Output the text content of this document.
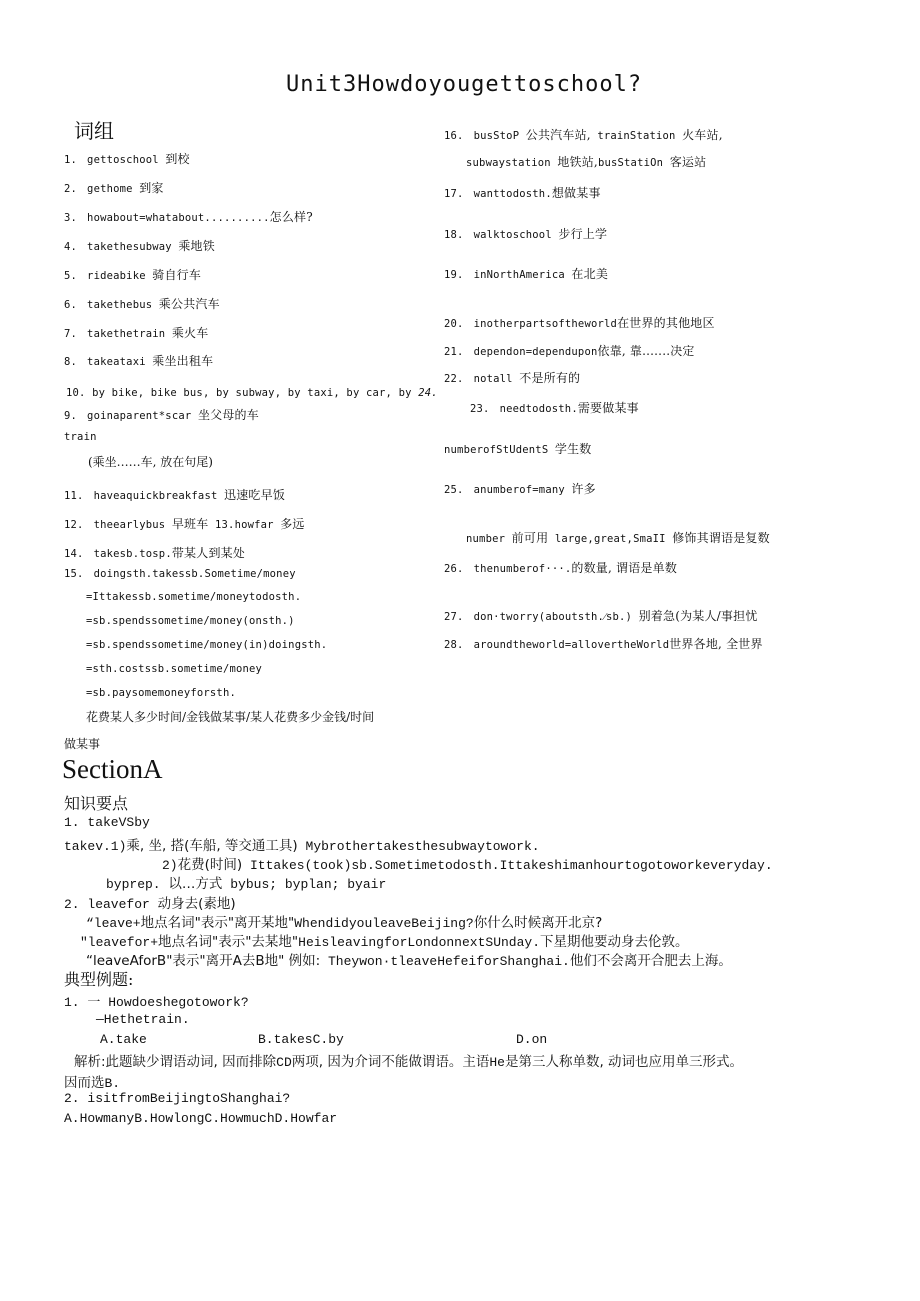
Unit3Howdoyougettoschool?
词组
1. gettoschool 到校
2. gethome 到家
3. howabout=whatabout..........怎么样?
4. takethesubway 乘地铁
5. rideabike 骑自行车
6. takethebus 乘公共汽车
7. takethetrain 乘火车
8. takeataxi 乘坐出租车
10. by bike, bike bus, by subway, by taxi, by car, by 24.
9. goinaparent*scar 坐父母的车
train
(乘坐……车, 放在句尾)
11. haveaquickbreakfast 迅速吃早饭
12. theearlybus 早班车 13.howfar 多远
14. takesb.tosp.带某人到某处
15. doingsth.takessb.Sometime/money
=Ittakessb.sometime/moneytodosth.
=sb.spendssometime/money(onsth.)
=sb.spendssometime/money(in)doingsth.
=sth.costssb.sometime/money
=sb.paysomemoneyforsth.
花费某人多少时间/金钱做某事/某人花费多少金钱/时间
做某事
16. busStoP 公共汽车站, trainStation 火车站,
subwaystation 地铁站,busStatiOn 客运站
17. wanttodosth.想做某事
18. walktoschool 步行上学
19. inNorthAmerica 在北美
20. inotherpartsoftheworld在世界的其他地区
21. dependon=dependupon依靠, 靠.......决定
22. notall 不是所有的
23. needtodosth.需要做某事
numberofStUdentS 学生数
25. anumberof=many 许多
number 前可用 large,great,SmaII 修饰其谓语是复数
26. thenumberof···.的数量, 谓语是单数
27. don·tworry(aboutsth.⁄sb.) 别着急(为某人/事担忧
28. aroundtheworld=allovertheWorld世界各地, 全世界
SectionA
知识要点
1. takeVSby
takev.1)乘, 坐, 搭(车船, 等交通工具) Mybrothertakesthesubwaytowork.
2)花费(时间) Ittakes(took)sb.Sometimetodosth.Ittakeshimanhourtogotoworkeveryday.
byprep. 以…方式 bybus; byplan; byair
2. leavefor 动身去(素地)
“leave+地点名词"表示"离开某地"WhendidyouleaveBeijing?你什么时候离开北京?
"leavefor+地点名词"表示"去某地"HeisleavingforLondonnextSUnday.下星期他要动身去伦敦。
“leaveAforB"表示"离开A去B地" 例如: Theywon·tleaveHefeiforShanghai.他们不会离开合肥去上海。
典型例题:
1. 一 Howdoeshegotowork?
—Hethetrain.
A.take	B.takesC.by	D.on
解析:此题缺少谓语动词, 因而排除CD两项, 因为介词不能做谓语。主语He是第三人称单数, 动词也应用单三形式。
因而选B.
2. isitfromBeijingtoShanghai?
A.HowmanyB.HowlongC.HowmuchD.Howfar
